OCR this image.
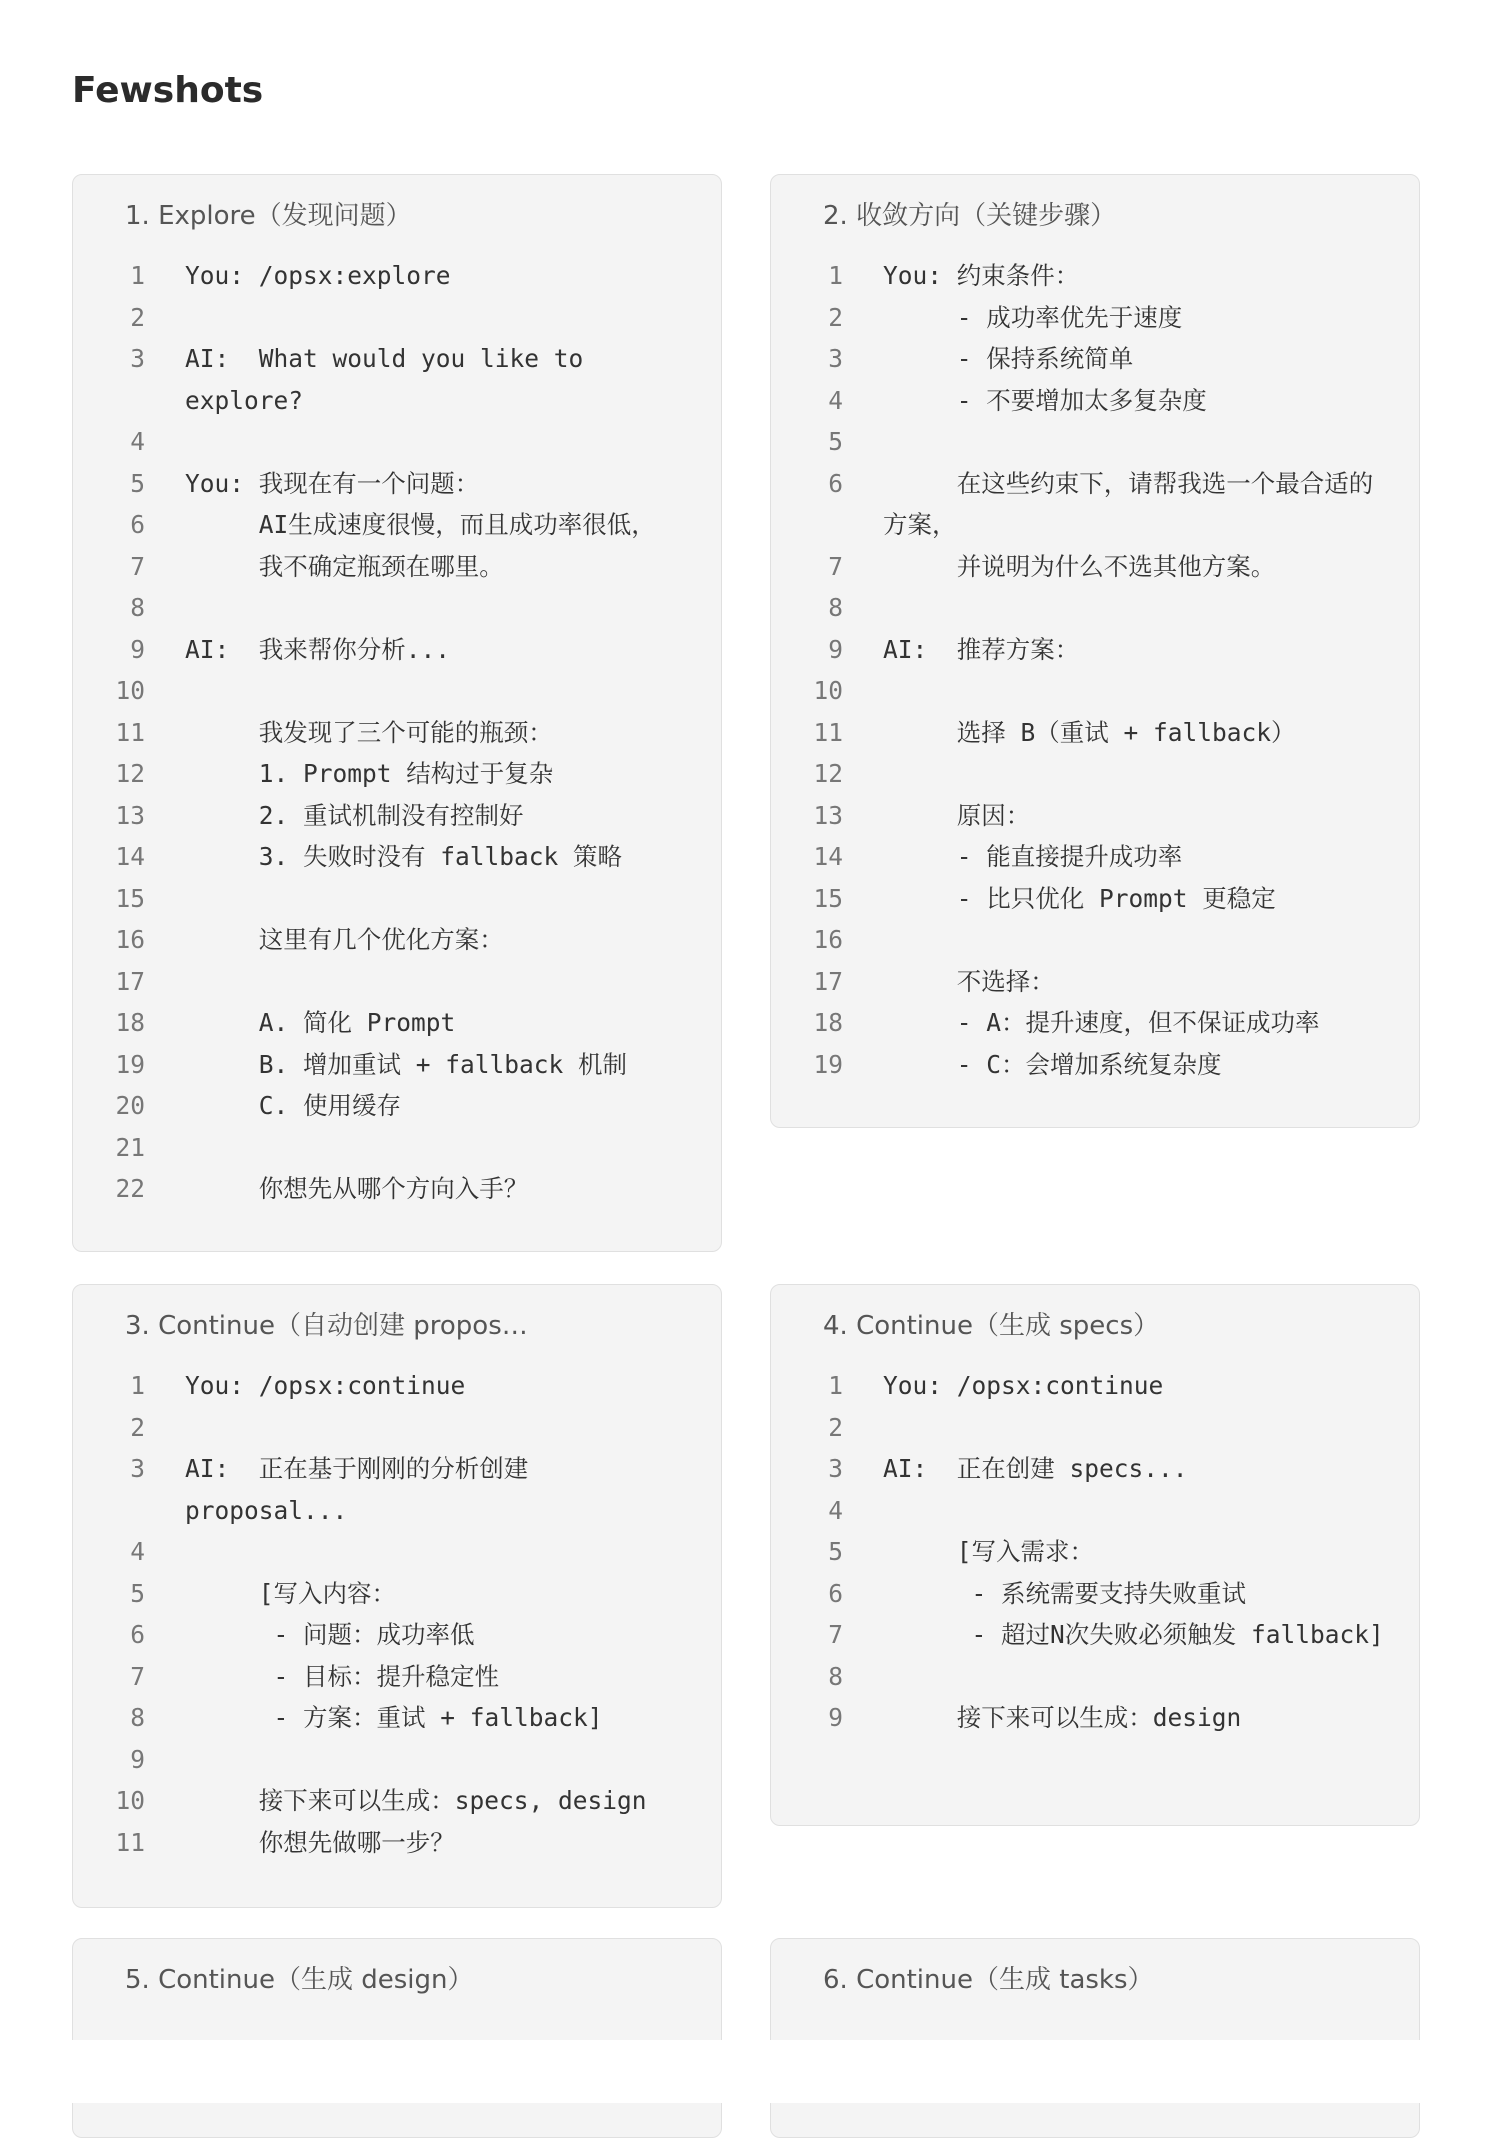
Fewshots
1. Explore（发现问题）
1 You: /opsx:explore
2
3 AI:  What would you like to explore?
4
5 You: 我现在有一个问题：
6 AI生成速度很慢，而且成功率很低，
7 我不确定瓶颈在哪里。
8
9 AI:  我来帮你分析...
10
11 我发现了三个可能的瓶颈：
12 1. Prompt 结构过于复杂
13 2. 重试机制没有控制好
14 3. 失败时没有 fallback 策略
15
16 这里有几个优化方案：
17
18 A. 简化 Prompt
19 B. 增加重试 + fallback 机制
20 C. 使用缓存
21
22 你想先从哪个方向入手？
2. 收敛方向（关键步骤）
1 You: 约束条件：
2 - 成功率优先于速度
3 - 保持系统简单
4 - 不要增加太多复杂度
5
6 在这些约束下，请帮我选一个最合适的方案，
7 并说明为什么不选其他方案。
8
9 AI:  推荐方案：
10
11 选择 B（重试 + fallback）
12
13 原因：
14 - 能直接提升成功率
15 - 比只优化 Prompt 更稳定
16
17 不选择：
18 - A：提升速度，但不保证成功率
19 - C：会增加系统复杂度
3. Continue（自动创建 propos…
1 You: /opsx:continue
2
3 AI:  正在基于刚刚的分析创建 proposal...
4
5 [写入内容：
6 - 问题：成功率低
7 - 目标：提升稳定性
8 - 方案：重试 + fallback]
9
10 接下来可以生成：specs, design
11 你想先做哪一步？
4. Continue（生成 specs）
1 You: /opsx:continue
2
3 AI:  正在创建 specs...
4
5 [写入需求：
6 - 系统需要支持失败重试
7 - 超过N次失败必须触发 fallback]
8
9 接下来可以生成：design
5. Continue（生成 design）	6. Continue（生成 tasks）
